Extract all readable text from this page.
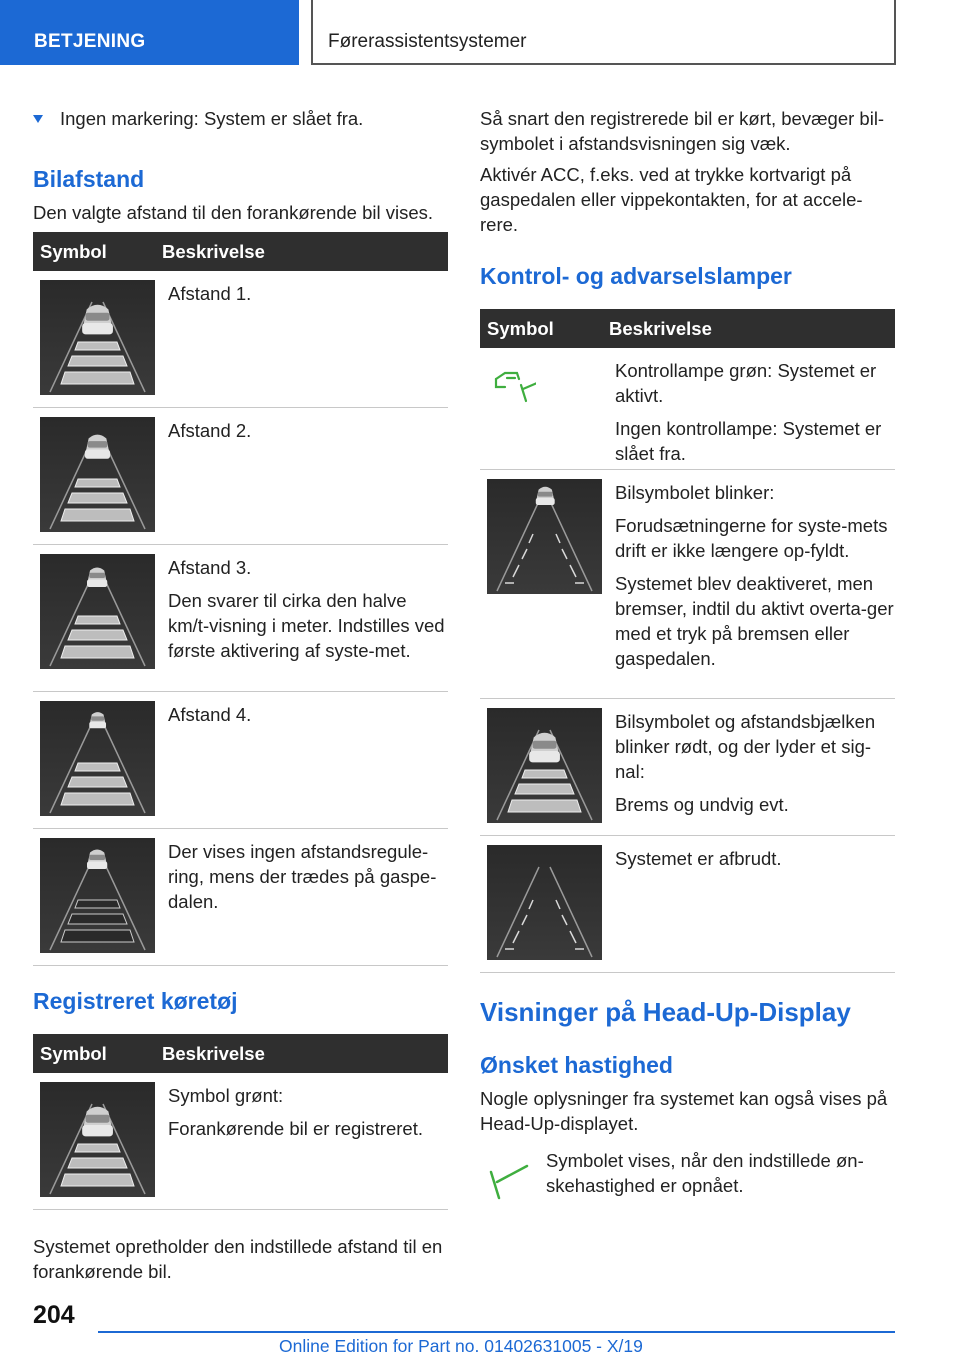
BETJENING	Førerassistentsystemer

Ingen markering: System er slået fra.

Bilafstand

Den valgte afstand til den forankørende bil vises.

Symbol	Beskrivelse

Afstand 1.

Afstand 2.

Afstand 3.
Den svarer til cirka den halve km/t-visning i meter. Indstilles ved første aktivering af syste-met.

Afstand 4.

Der vises ingen afstandsregule-ring, mens der trædes på gaspe-dalen.
Registreret køretøj
Symbol	Beskrivelse

Symbol grønt:
Forankørende bil er registreret.

Systemet opretholder den indstillede afstand til en forankørende bil.

Så snart den registrerede bil er kørt, bevæger bil-symbolet i afstandsvisningen sig væk.

Aktivér ACC, f.eks. ved at trykke kortvarigt på gaspedalen eller vippekontakten, for at accele-rere.

Kontrol- og advarselslamper
Symbol	Beskrivelse

Kontrollampe grøn: Systemet er aktivt.
Ingen kontrollampe: Systemet er slået fra.

Bilsymbolet blinker:
Forudsætningerne for syste-mets drift er ikke længere op-fyldt.
Systemet blev deaktiveret, men bremser, indtil du aktivt overta-ger med et tryk på bremsen eller gaspedalen.

Bilsymbolet og afstandsbjælken blinker rødt, og der lyder et sig-nal:
Brems og undvig evt.

Systemet er afbrudt.
Visninger på Head-Up-Display
Ønsket hastighed

Nogle oplysninger fra systemet kan også vises på Head-Up-displayet.

Symbolet vises, når den indstillede øn-skehastighed er opnået.

204
Online Edition for Part no. 01402631005 - X/19
